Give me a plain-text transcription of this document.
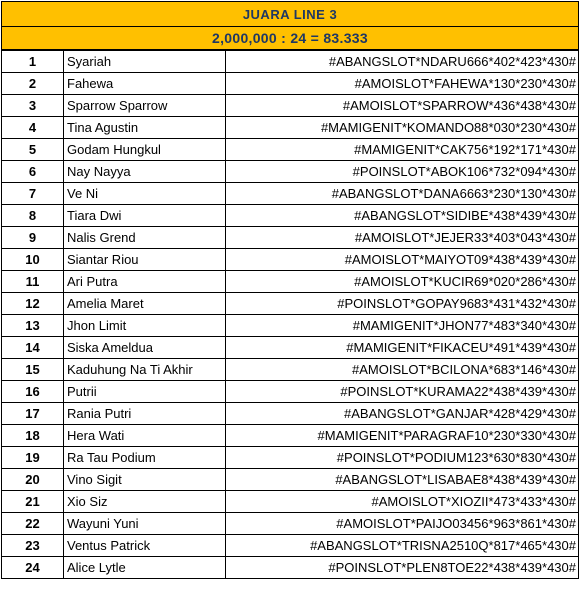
JUARA LINE 3
2,000,000 : 24 = 83.333
1	Syariah	#ABANGSLOT*NDARU666*402*423*430#
2	Fahewa	#AMOISLOT*FAHEWA*130*230*430#
3	Sparrow Sparrow	#AMOISLOT*SPARROW*436*438*430#
4	Tina Agustin	#MAMIGENIT*KOMANDO88*030*230*430#
5	Godam Hungkul	#MAMIGENIT*CAK756*192*171*430#
6	Nay Nayya	#POINSLOT*ABOK106*732*094*430#
7	Ve Ni	#ABANGSLOT*DANA6663*230*130*430#
8	Tiara Dwi	#ABANGSLOT*SIDIBE*438*439*430#
9	Nalis Grend	#AMOISLOT*JEJER33*403*043*430#
10	Siantar Riou	#AMOISLOT*MAIYOT09*438*439*430#
11	Ari Putra	#AMOISLOT*KUCIR69*020*286*430#
12	Amelia Maret	#POINSLOT*GOPAY9683*431*432*430#
13	Jhon Limit	#MAMIGENIT*JHON77*483*340*430#
14	Siska Ameldua	#MAMIGENIT*FIKACEU*491*439*430#
15	Kaduhung Na Ti Akhir	#AMOISLOT*BCILONA*683*146*430#
16	Putrii	#POINSLOT*KURAMA22*438*439*430#
17	Rania Putri	#ABANGSLOT*GANJAR*428*429*430#
18	Hera Wati	#MAMIGENIT*PARAGRAF10*230*330*430#
19	Ra Tau Podium	#POINSLOT*PODIUM123*630*830*430#
20	Vino Sigit	#ABANGSLOT*LISABAE8*438*439*430#
21	Xio Siz	#AMOISLOT*XIOZII*473*433*430#
22	Wayuni Yuni	#AMOISLOT*PAIJO03456*963*861*430#
23	Ventus Patrick	#ABANGSLOT*TRISNA2510Q*817*465*430#
24	Alice Lytle	#POINSLOT*PLEN8TOE22*438*439*430#
